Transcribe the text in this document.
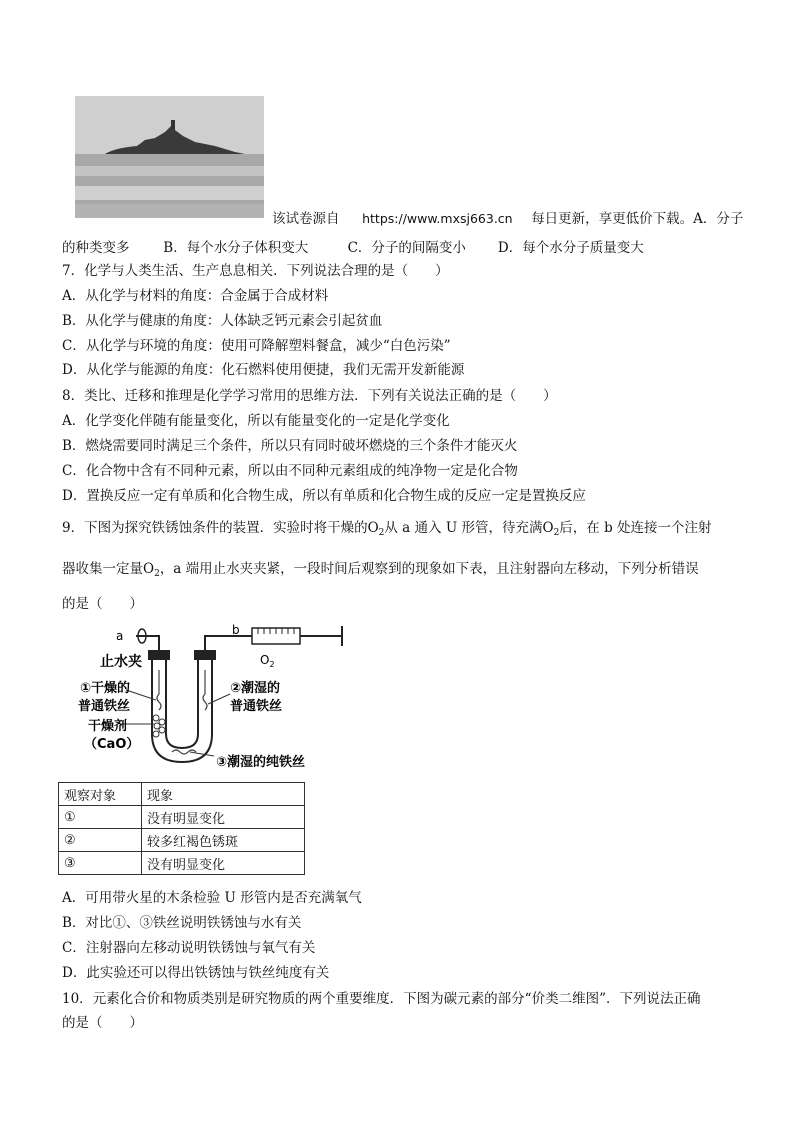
该试卷源自 https://www.mxsj663.cn 每日更新，享更低价下载。A．分子
的种类变多	B．每个水分子体积变大	C．分子的间隔变小 D．每个水分子质量变大
7．化学与人类生活、生产息息相关．下列说法合理的是（　　）
A．从化学与材料的角度：合金属于合成材料
B．从化学与健康的角度：人体缺乏钙元素会引起贫血
C．从化学与环境的角度：使用可降解塑料餐盒，减少“白色污染”
D．从化学与能源的角度：化石燃料使用便捷，我们无需开发新能源
8．类比、迁移和推理是化学学习常用的思维方法．下列有关说法正确的是（　　）
A．化学变化伴随有能量变化，所以有能量变化的一定是化学变化
B．燃烧需要同时满足三个条件，所以只有同时破坏燃烧的三个条件才能灭火
C．化合物中含有不同种元素，所以由不同种元素组成的纯净物一定是化合物
D．置换反应一定有单质和化合物生成，所以有单质和化合物生成的反应一定是置换反应
9．下图为探究铁锈蚀条件的装置．实验时将干燥的$O_2$从 a 通入 U 形管，待充满$O_2$后，在 b 处连接一个注射
器收集一定量$O_2$，a 端用止水夹夹紧，一段时间后观察到的现象如下表，且注射器向左移动，下列分析错误
的是（　　）
a	b
止水夹	$O_2$
①干燥的
普通铁丝
②潮湿的
普通铁丝
干燥剂
（CaO）
③潮湿的纯铁丝
观察对象	现象
①	没有明显变化
②	较多红褐色锈斑
③	没有明显变化
A．可用带火星的木条检验 U 形管内是否充满氧气
B．对比①、③铁丝说明铁锈蚀与水有关
C．注射器向左移动说明铁锈蚀与氧气有关
D．此实验还可以得出铁锈蚀与铁丝纯度有关
10．元素化合价和物质类别是研究物质的两个重要维度．下图为碳元素的部分“价类二维图”．下列说法正确
的是（　　）
